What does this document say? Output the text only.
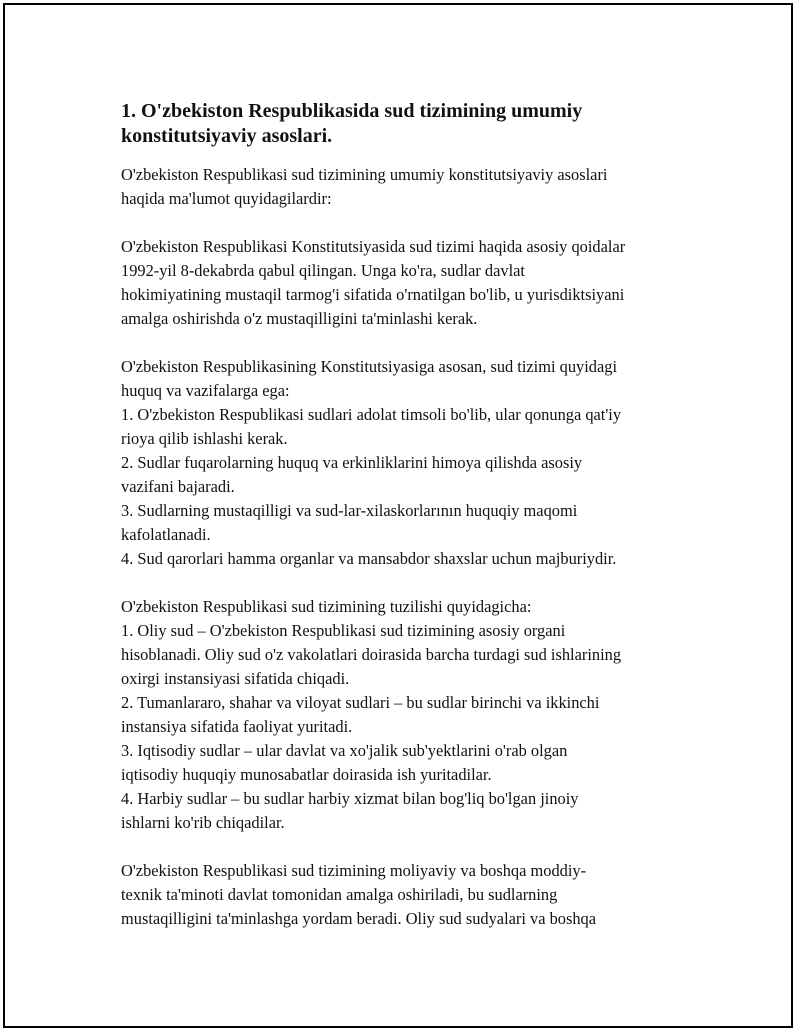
1. O'zbekiston Respublikasida sud tizimining umumiy konstitutsiyaviy asoslari.

O'zbekiston Respublikasi sud tizimining umumiy konstitutsiyaviy asoslari
haqida ma'lumot quyidagilardir:

O'zbekiston Respublikasi Konstitutsiyasida sud tizimi haqida asosiy qoidalar
1992-yil 8-dekabrda qabul qilingan. Unga ko'ra, sudlar davlat
hokimiyatining mustaqil tarmog'i sifatida o'rnatilgan bo'lib, u yurisdiktsiyani
amalga oshirishda o'z mustaqilligini ta'minlashi kerak.

O'zbekiston Respublikasining Konstitutsiyasiga asosan, sud tizimi quyidagi
huquq va vazifalarga ega:
1. O'zbekiston Respublikasi sudlari adolat timsoli bo'lib, ular qonunga qat'iy
rioya qilib ishlashi kerak.
2. Sudlar fuqarolarning huquq va erkinliklarini himoya qilishda asosiy
vazifani bajaradi.
3. Sudlarning mustaqilligi va sud-lar-xilaskorlarının huquqiy maqomi
kafolatlanadi.
4. Sud qarorlari hamma organlar va mansabdor shaxslar uchun majburiydir.

O'zbekiston Respublikasi sud tizimining tuzilishi quyidagicha:
1. Oliy sud – O'zbekiston Respublikasi sud tizimining asosiy organi
hisoblanadi. Oliy sud o'z vakolatlari doirasida barcha turdagi sud ishlarining
oxirgi instansiyasi sifatida chiqadi.
2. Tumanlararo, shahar va viloyat sudlari – bu sudlar birinchi va ikkinchi
instansiya sifatida faoliyat yuritadi.
3. Iqtisodiy sudlar – ular davlat va xo'jalik sub'yektlarini o'rab olgan
iqtisodiy huquqiy munosabatlar doirasida ish yuritadilar.
4. Harbiy sudlar – bu sudlar harbiy xizmat bilan bog'liq bo'lgan jinoiy
ishlarni ko'rib chiqadilar.

O'zbekiston Respublikasi sud tizimining moliyaviy va boshqa moddiy-
texnik ta'minoti davlat tomonidan amalga oshiriladi, bu sudlarning
mustaqilligini ta'minlashga yordam beradi. Oliy sud sudyalari va boshqa
